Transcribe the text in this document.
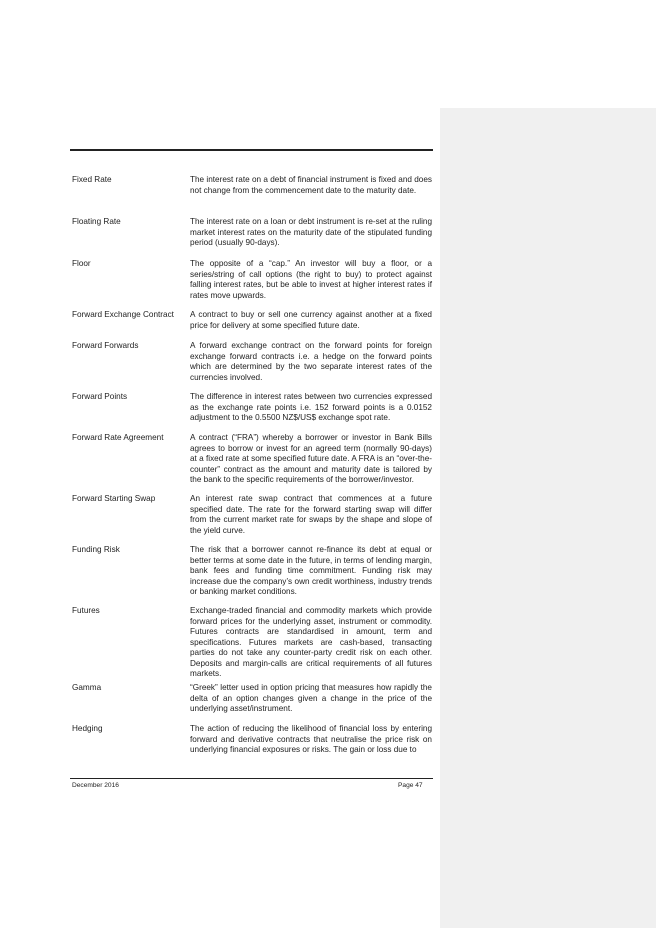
Fixed Rate	The interest rate on a debt of financial instrument is fixed and does not change from the commencement date to the maturity date.
Floating Rate	The interest rate on a loan or debt instrument is re-set at the ruling market interest rates on the maturity date of the stipulated funding period (usually 90-days).
Floor	The opposite of a “cap.” An investor will buy a floor, or a series/string of call options (the right to buy) to protect against falling interest rates, but be able to invest at higher interest rates if rates move upwards.
Forward Exchange Contract	A contract to buy or sell one currency against another at a fixed price for delivery at some specified future date.
Forward Forwards	A forward exchange contract on the forward points for foreign exchange forward contracts i.e. a hedge on the forward points which are determined by the two separate interest rates of the currencies involved.
Forward Points	The difference in interest rates between two currencies expressed as the exchange rate points i.e. 152 forward points is a 0.0152 adjustment to the 0.5500 NZ$/US$ exchange spot rate.
Forward Rate Agreement	A contract (“FRA”) whereby a borrower or investor in Bank Bills agrees to borrow or invest for an agreed term (normally 90-days) at a fixed rate at some specified future date. A FRA is an “over-the-counter” contract as the amount and maturity date is tailored by the bank to the specific requirements of the borrower/investor.
Forward Starting Swap	An interest rate swap contract that commences at a future specified date. The rate for the forward starting swap will differ from the current market rate for swaps by the shape and slope of the yield curve.
Funding Risk	The risk that a borrower cannot re-finance its debt at equal or better terms at some date in the future, in terms of lending margin, bank fees and funding time commitment. Funding risk may increase due the company’s own credit worthiness, industry trends or banking market conditions.
Futures	Exchange-traded financial and commodity markets which provide forward prices for the underlying asset, instrument or commodity. Futures contracts are standardised in amount, term and specifications. Futures markets are cash-based, transacting parties do not take any counter-party credit risk on each other. Deposits and margin-calls are critical requirements of all futures markets.
Gamma	“Greek” letter used in option pricing that measures how rapidly the delta of an option changes given a change in the price of the underlying asset/instrument.
Hedging	The action of reducing the likelihood of financial loss by entering forward and derivative contracts that neutralise the price risk on underlying financial exposures or risks. The gain or loss due to
December 2016	Page 47
